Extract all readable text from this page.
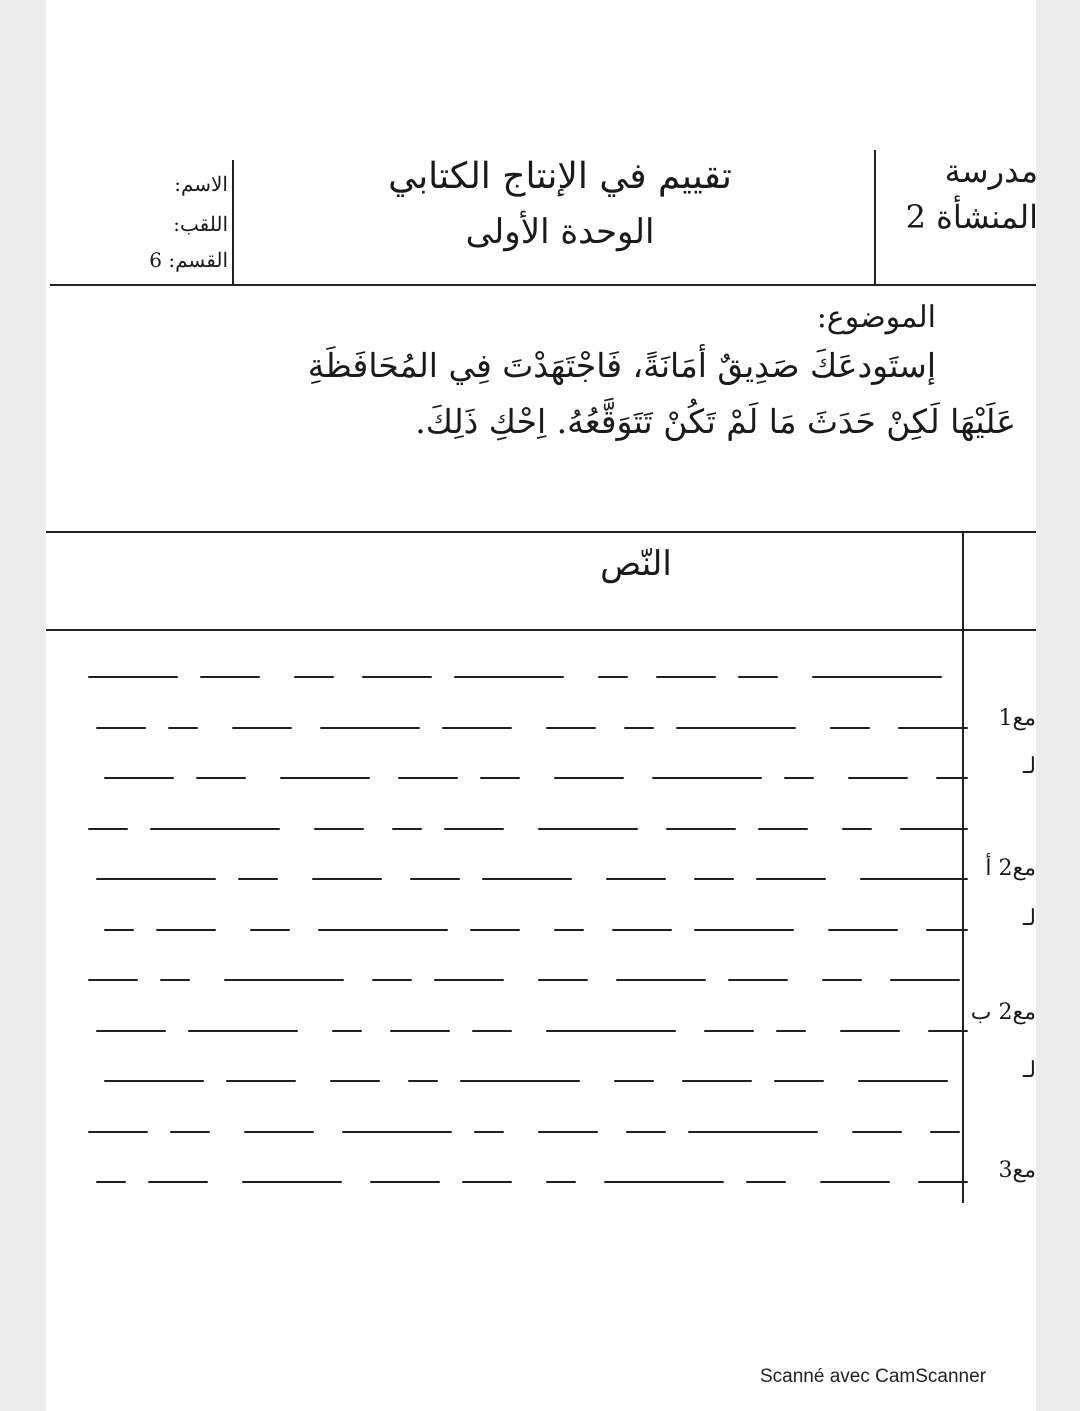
مدرسة
المنشأة 2
تقييم في الإنتاج الكتابي
الوحدة الأولى
الاسم:
اللقب:
القسم: 6
الموضوع:
إستَودعَكَ صَدِيقٌ أمَانَةً، فَاجْتَهَدْتَ فِي المُحَافَظَةِ
عَلَيْهَا لَكِنْ حَدَثَ مَا لَمْ تَكُنْ تَتَوَقَّعُهُ. اِحْكِ ذَلِكَ.
النّص
مع1
لـ
مع2 أ
لـ
مع2 ب
لـ
مع3
Scanné avec CamScanner
